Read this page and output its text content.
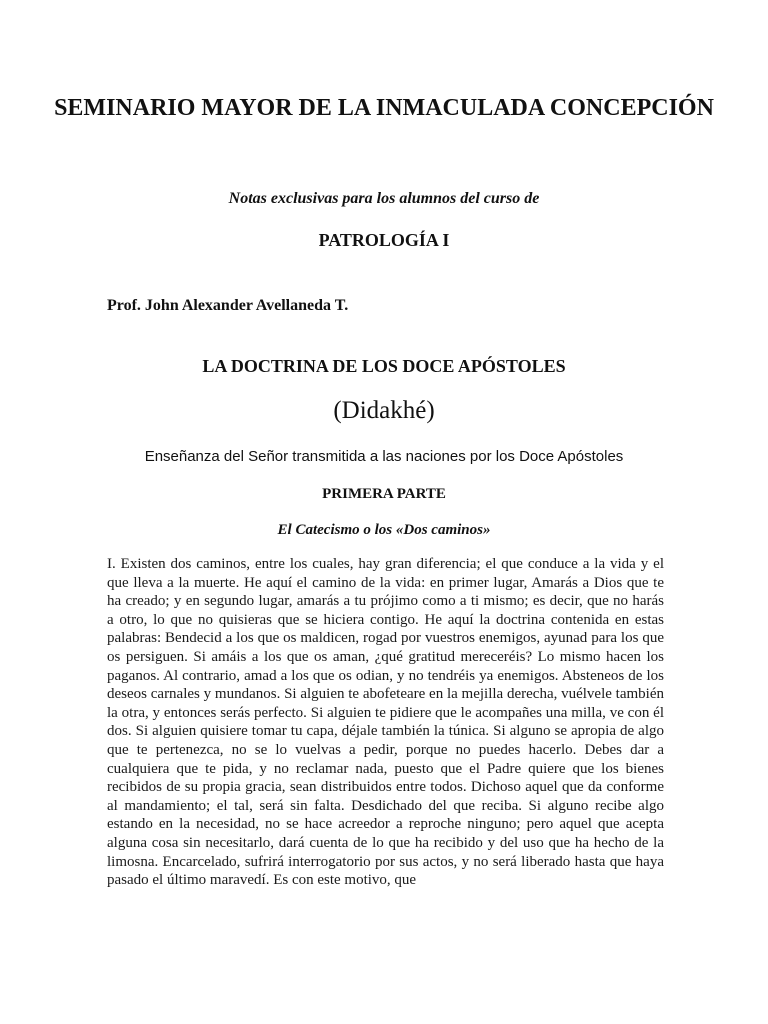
SEMINARIO MAYOR DE LA INMACULADA CONCEPCIÓN

Notas exclusivas para los alumnos del curso de

PATROLOGÍA I

Prof. John Alexander Avellaneda T.

LA DOCTRINA DE LOS DOCE APÓSTOLES

(Didakhé)

Enseñanza del Señor transmitida a las naciones por los Doce Apóstoles

PRIMERA PARTE

El Catecismo o los «Dos caminos»

I. Existen dos caminos, entre los cuales, hay gran diferencia; el que conduce a la vida y el que lleva a la muerte. He aquí el camino de la vida: en primer lugar, Amarás a Dios que te ha creado; y en segundo lugar, amarás a tu prójimo como a ti mismo; es decir, que no harás a otro, lo que no quisieras que se hiciera contigo. He aquí la doctrina contenida en estas palabras: Bendecid a los que os maldicen, rogad por vuestros enemigos, ayunad para los que os persiguen. Si amáis a los que os aman, ¿qué gratitud mereceréis? Lo mismo hacen los paganos. Al contrario, amad a los que os odian, y no tendréis ya enemigos. Absteneos de los deseos carnales y mundanos. Si alguien te abofeteare en la mejilla derecha, vuélvele también la otra, y entonces serás perfecto. Si alguien te pidiere que le acompañes una milla, ve con él dos. Si alguien quisiere tomar tu capa, déjale también la túnica. Si alguno se apropia de algo que te pertenezca, no se lo vuelvas a pedir, porque no puedes hacerlo. Debes dar a cualquiera que te pida, y no reclamar nada, puesto que el Padre quiere que los bienes recibidos de su propia gracia, sean distribuidos entre todos. Dichoso aquel que da conforme al mandamiento; el tal, será sin falta. Desdichado del que reciba. Si alguno recibe algo estando en la necesidad, no se hace acreedor a reproche ninguno; pero aquel que acepta alguna cosa sin necesitarlo, dará cuenta de lo que ha recibido y del uso que ha hecho de la limosna. Encarcelado, sufrirá interrogatorio por sus actos, y no será liberado hasta que haya pasado el último maravedí. Es con este motivo, que
